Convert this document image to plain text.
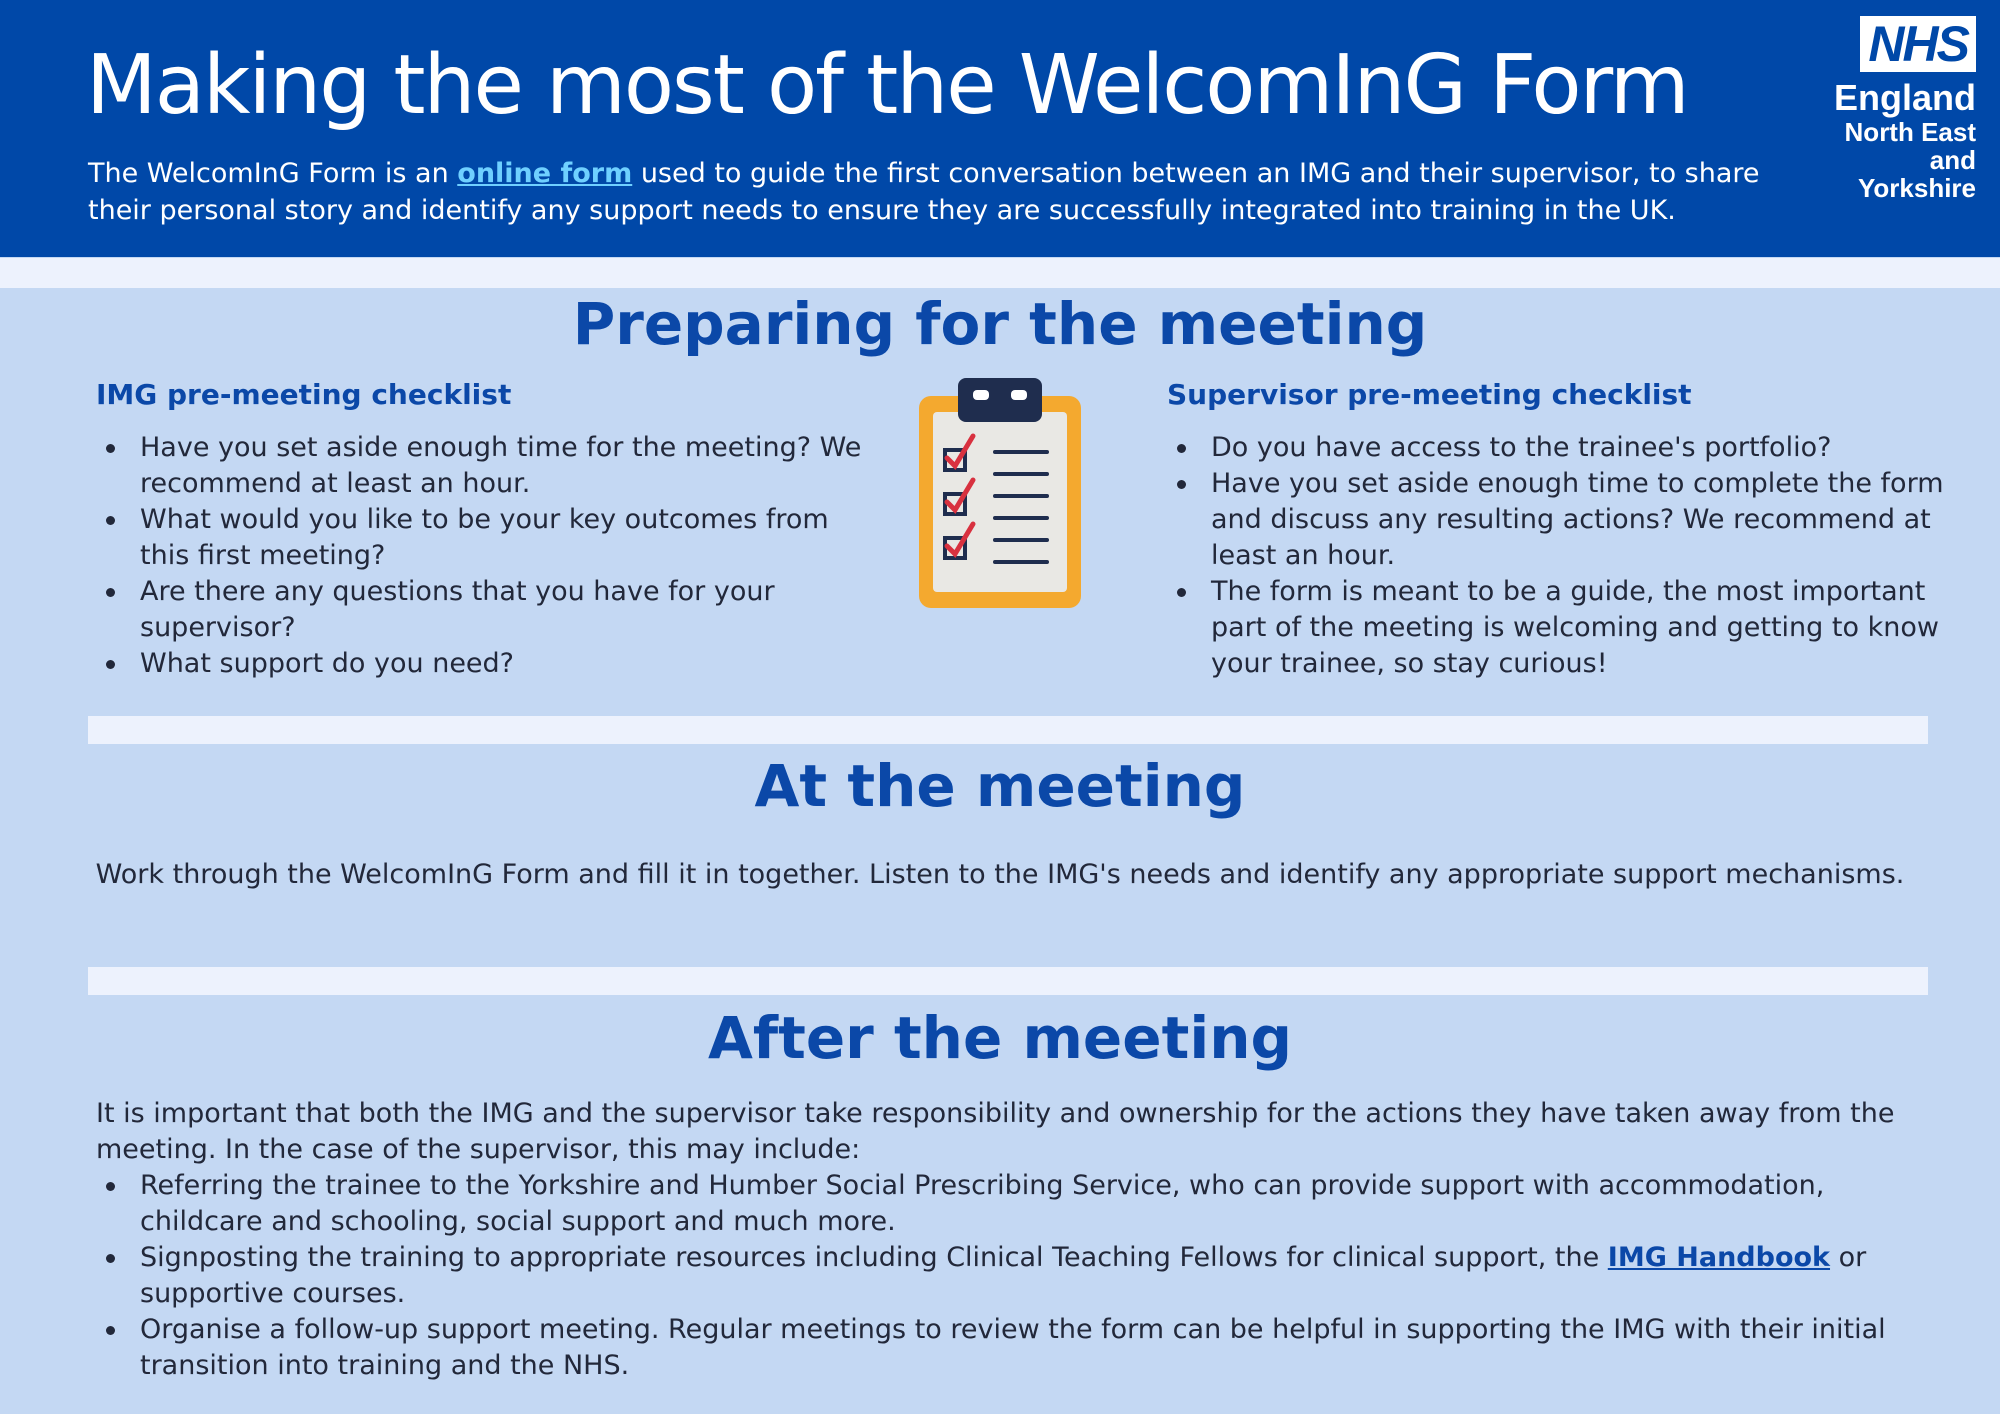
Making the most of the WelcomInG Form

The WelcomInG Form is an online form used to guide the first conversation between an IMG and their supervisor, to share their personal story and identify any support needs to ensure they are successfully integrated into training in the UK.

NHS
England
North East
and Yorkshire
Preparing for the meeting
IMG pre-meeting checklist
Have you set aside enough time for the meeting? We recommend at least an hour.
What would you like to be your key outcomes from this first meeting?
Are there any questions that you have for your supervisor?
What support do you need?
Supervisor pre-meeting checklist
Do you have access to the trainee's portfolio?
Have you set aside enough time to complete the form and discuss any resulting actions? We recommend at least an hour.
The form is meant to be a guide, the most important part of the meeting is welcoming and getting to know your trainee, so stay curious!
At the meeting

Work through the WelcomInG Form and fill it in together. Listen to the IMG's needs and identify any appropriate support mechanisms.

After the meeting

It is important that both the IMG and the supervisor take responsibility and ownership for the actions they have taken away from the meeting. In the case of the supervisor, this may include:

Referring the trainee to the Yorkshire and Humber Social Prescribing Service, who can provide support with accommodation, childcare and schooling, social support and much more.
Signposting the training to appropriate resources including Clinical Teaching Fellows for clinical support, the IMG Handbook or supportive courses.
Organise a follow-up support meeting. Regular meetings to review the form can be helpful in supporting the IMG with their initial transition into training and the NHS.
